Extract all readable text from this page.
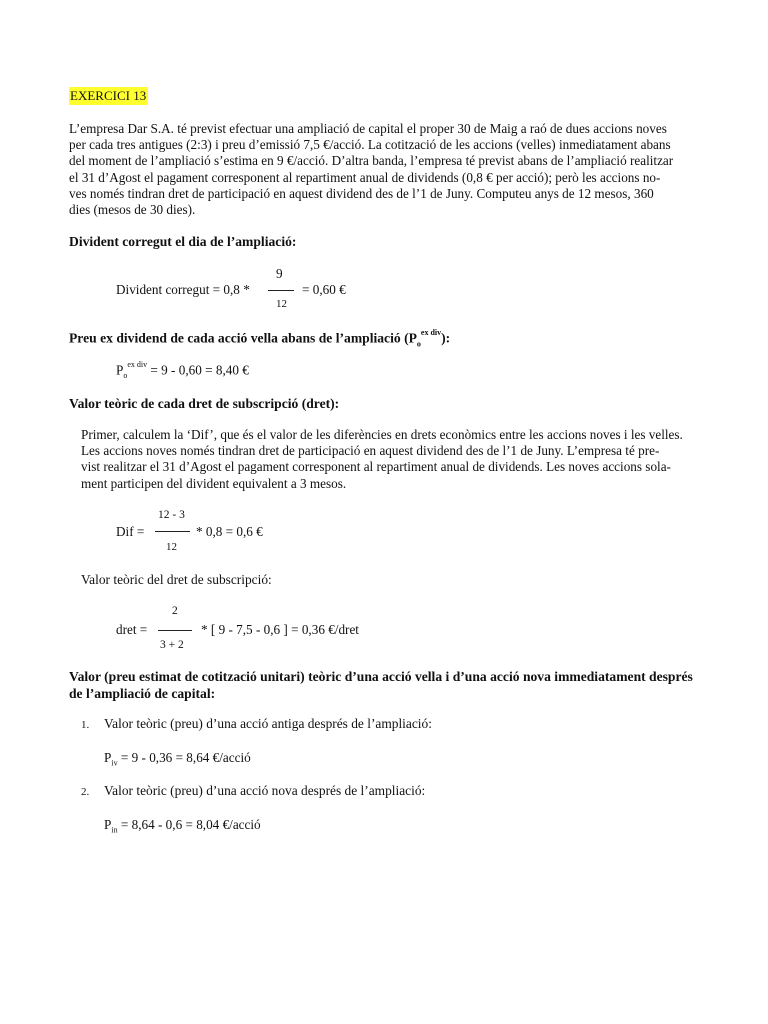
EXERCICI 13
L’empresa Dar S.A. té previst efectuar una ampliació de capital el proper 30 de Maig a raó de dues accions noves
per cada tres antigues (2:3) i preu d’emissió 7,5 €/acció. La cotització de les accions (velles) inmediatament abans
del moment de l’ampliació s’estima en 9 €/acció. D’altra banda, l’empresa té previst abans de l’ampliació realitzar
el 31 d’Agost el pagament corresponent al repartiment anual de dividends (0,8 € per acció); però les accions no-
ves només tindran dret de participació en aquest dividend des de l’1 de Juny. Computeu anys de 12 mesos, 360
dies (mesos de 30 dies).
Divident corregut el dia de l’ampliació:
Divident corregut = 0,8 *
9
12
= 0,60 €
Preu ex dividend de cada acció vella abans de l’ampliació $(P_o^{ex div})$:
$P_o^{ex div} = 9 - 0,60 = 8,40$ €
Valor teòric de cada dret de subscripció (dret):
Primer, calculem la ‘Dif’, que és el valor de les diferències en drets econòmics entre les accions noves i les velles.
Les accions noves només tindran dret de participació en aquest dividend des de l’1 de Juny. L’empresa té pre-
vist realitzar el 31 d’Agost el pagament corresponent al repartiment anual de dividends. Les noves accions sola-
ment participen del divident equivalent a 3 mesos.
Dif =
12 - 3
12
* 0,8 = 0,6 €
Valor teòric del dret de subscripció:
dret =
2
3 + 2
* [ 9 - 7,5 - 0,6 ] = 0,36 €/dret
Valor (preu estimat de cotització unitari) teòric d’una acció vella i d’una acció nova immediatament després
de l’ampliació de capital:
1. Valor teòric (preu) d’una acció antiga després de l’ampliació:
$P_{iv} = 9 - 0,36 = 8,64$ €/acció
2. Valor teòric (preu) d’una acció nova després de l’ampliació:
$P_{in} = 8,64 - 0,6 = 8,04$ €/acció
